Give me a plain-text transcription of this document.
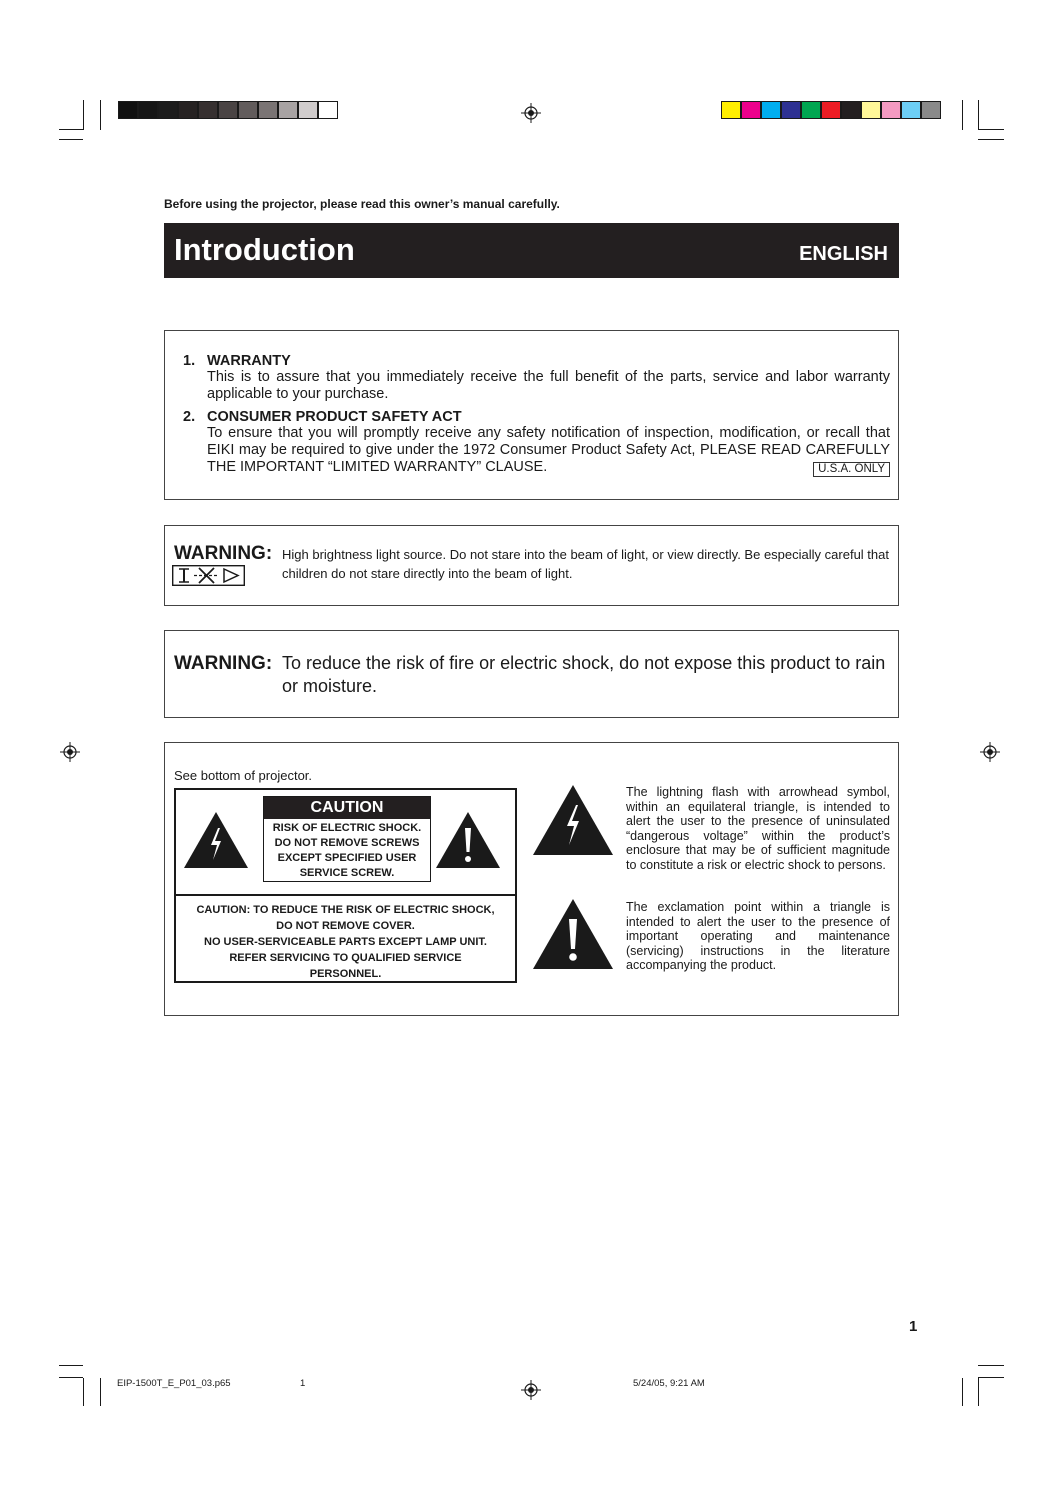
Before using the projector, please read this owner’s manual carefully.
Introduction	ENGLISH
1. WARRANTY
This is to assure that you immediately receive the full benefit of the parts, service and labor warranty applicable to your purchase.
2. CONSUMER PRODUCT SAFETY ACT
To ensure that you will promptly receive any safety notification of inspection, modification, or recall that EIKI may be required to give under the 1972 Consumer Product Safety Act, PLEASE READ CAREFULLY THE IMPORTANT “LIMITED WARRANTY” CLAUSE.	U.S.A. ONLY
WARNING: High brightness light source. Do not stare into the beam of light, or view directly. Be especially careful that children do not stare directly into the beam of light.
WARNING: To reduce the risk of fire or electric shock, do not expose this product to rain or moisture.
See bottom of projector.
CAUTION
RISK OF ELECTRIC SHOCK.
DO NOT REMOVE SCREWS
EXCEPT SPECIFIED USER
SERVICE SCREW.
CAUTION: TO REDUCE THE RISK OF ELECTRIC SHOCK,
DO NOT REMOVE COVER.
NO USER-SERVICEABLE PARTS EXCEPT LAMP UNIT.
REFER SERVICING TO QUALIFIED SERVICE
PERSONNEL.
The lightning flash with arrowhead symbol, within an equilateral triangle, is intended to alert the user to the presence of uninsulated “dangerous voltage” within the product’s enclosure that may be of sufficient magnitude to constitute a risk or electric shock to persons.
The exclamation point within a triangle is intended to alert the user to the presence of important operating and maintenance (servicing) instructions in the literature accompanying the product.
1
EIP-1500T_E_P01_03.p65	1	5/24/05, 9:21 AM
